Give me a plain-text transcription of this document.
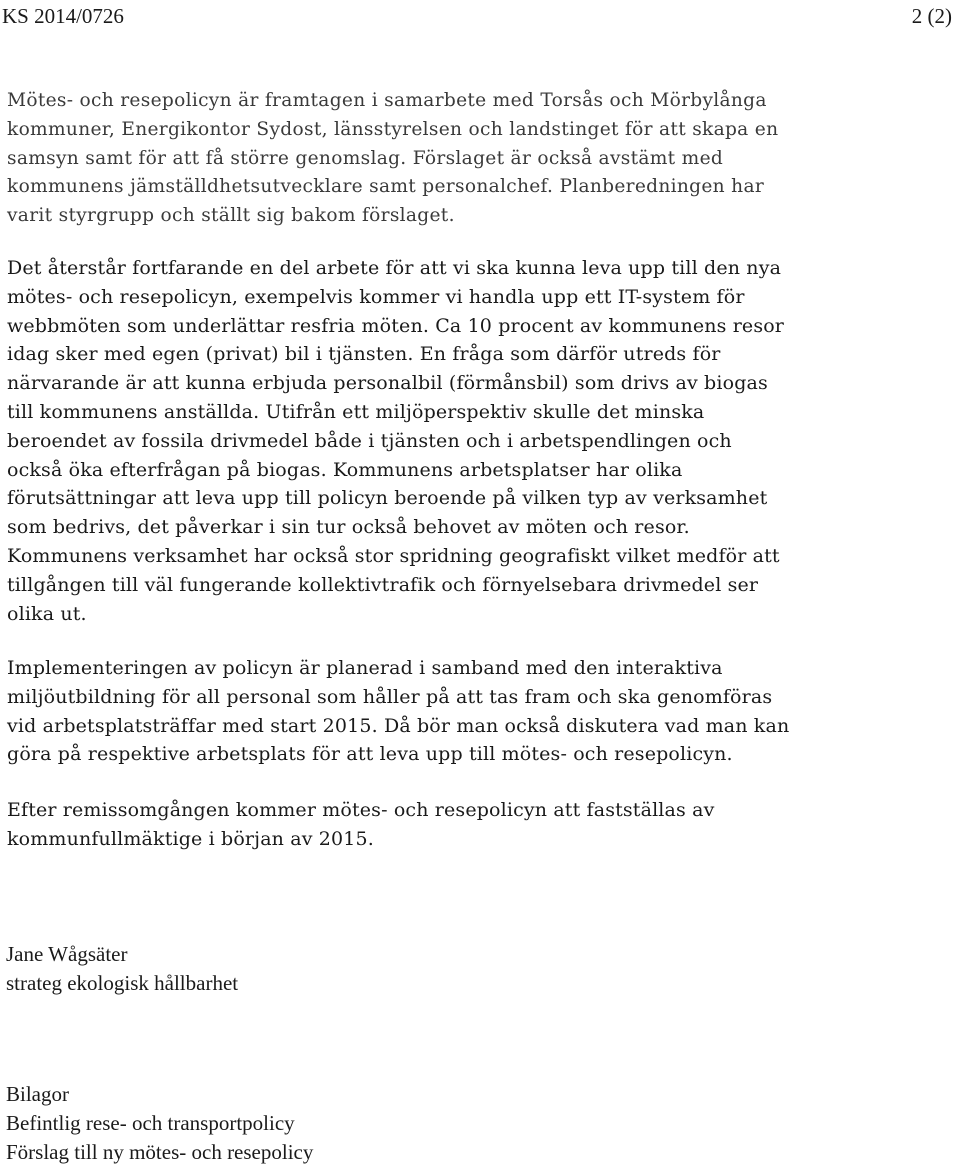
KS 2014/0726	2 (2)

Mötes- och resepolicyn är framtagen i samarbete med Torsås och Mörbylånga
kommuner, Energikontor Sydost, länsstyrelsen och landstinget för att skapa en
samsyn samt för att få större genomslag. Förslaget är också avstämt med
kommunens jämställdhetsutvecklare samt personalchef. Planberedningen har
varit styrgrupp och ställt sig bakom förslaget.

Det återstår fortfarande en del arbete för att vi ska kunna leva upp till den nya
mötes- och resepolicyn, exempelvis kommer vi handla upp ett IT-system för
webbmöten som underlättar resfria möten. Ca 10 procent av kommunens resor
idag sker med egen (privat) bil i tjänsten. En fråga som därför utreds för
närvarande är att kunna erbjuda personalbil (förmånsbil) som drivs av biogas
till kommunens anställda. Utifrån ett miljöperspektiv skulle det minska
beroendet av fossila drivmedel både i tjänsten och i arbetspendlingen och
också öka efterfrågan på biogas. Kommunens arbetsplatser har olika
förutsättningar att leva upp till policyn beroende på vilken typ av verksamhet
som bedrivs, det påverkar i sin tur också behovet av möten och resor.
Kommunens verksamhet har också stor spridning geografiskt vilket medför att
tillgången till väl fungerande kollektivtrafik och förnyelsebara drivmedel ser
olika ut.

Implementeringen av policyn är planerad i samband med den interaktiva
miljöutbildning för all personal som håller på att tas fram och ska genomföras
vid arbetsplatsträffar med start 2015. Då bör man också diskutera vad man kan
göra på respektive arbetsplats för att leva upp till mötes- och resepolicyn.

Efter remissomgången kommer mötes- och resepolicyn att fastställas av
kommunfullmäktige i början av 2015.

Jane Wågsäter
strateg ekologisk hållbarhet
Bilagor
Befintlig rese- och transportpolicy
Förslag till ny mötes- och resepolicy
